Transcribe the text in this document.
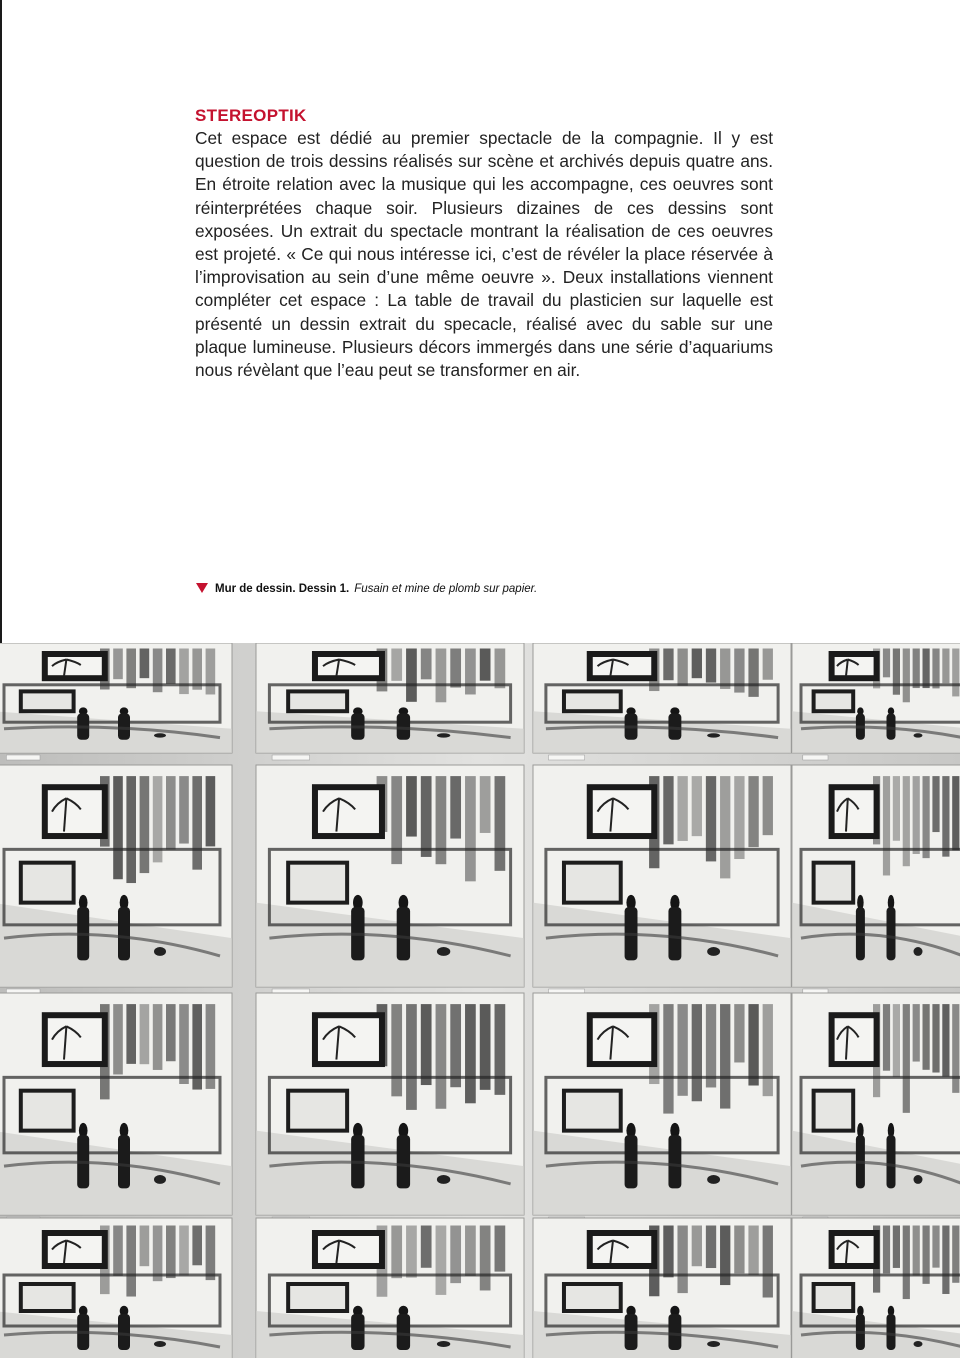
STEREOPTIK

Cet espace est dédié au premier spectacle de la compagnie. Il y est question de trois dessins réalisés sur scène et archivés depuis quatre ans. En étroite relation avec la musique qui les accompagne, ces oeuvres sont réinterprétées chaque soir. Plusieurs dizaines de ces dessins sont exposées. Un extrait du spectacle montrant la réalisation de ces oeuvres est projeté. « Ce qui nous intéresse ici, c’est de révéler la place réservée à l’improvisation au sein d’une même oeuvre ». Deux installations viennent compléter cet espace : La table de travail du plasticien sur laquelle est présenté un dessin extrait du specacle, réalisé avec du sable sur une plaque lumineuse. Plusieurs décors immergés dans une série d’aquariums nous révèlant que l’eau peut se transformer en air.

Mur de dessin. Dessin 1. Fusain et mine de plomb sur papier.
